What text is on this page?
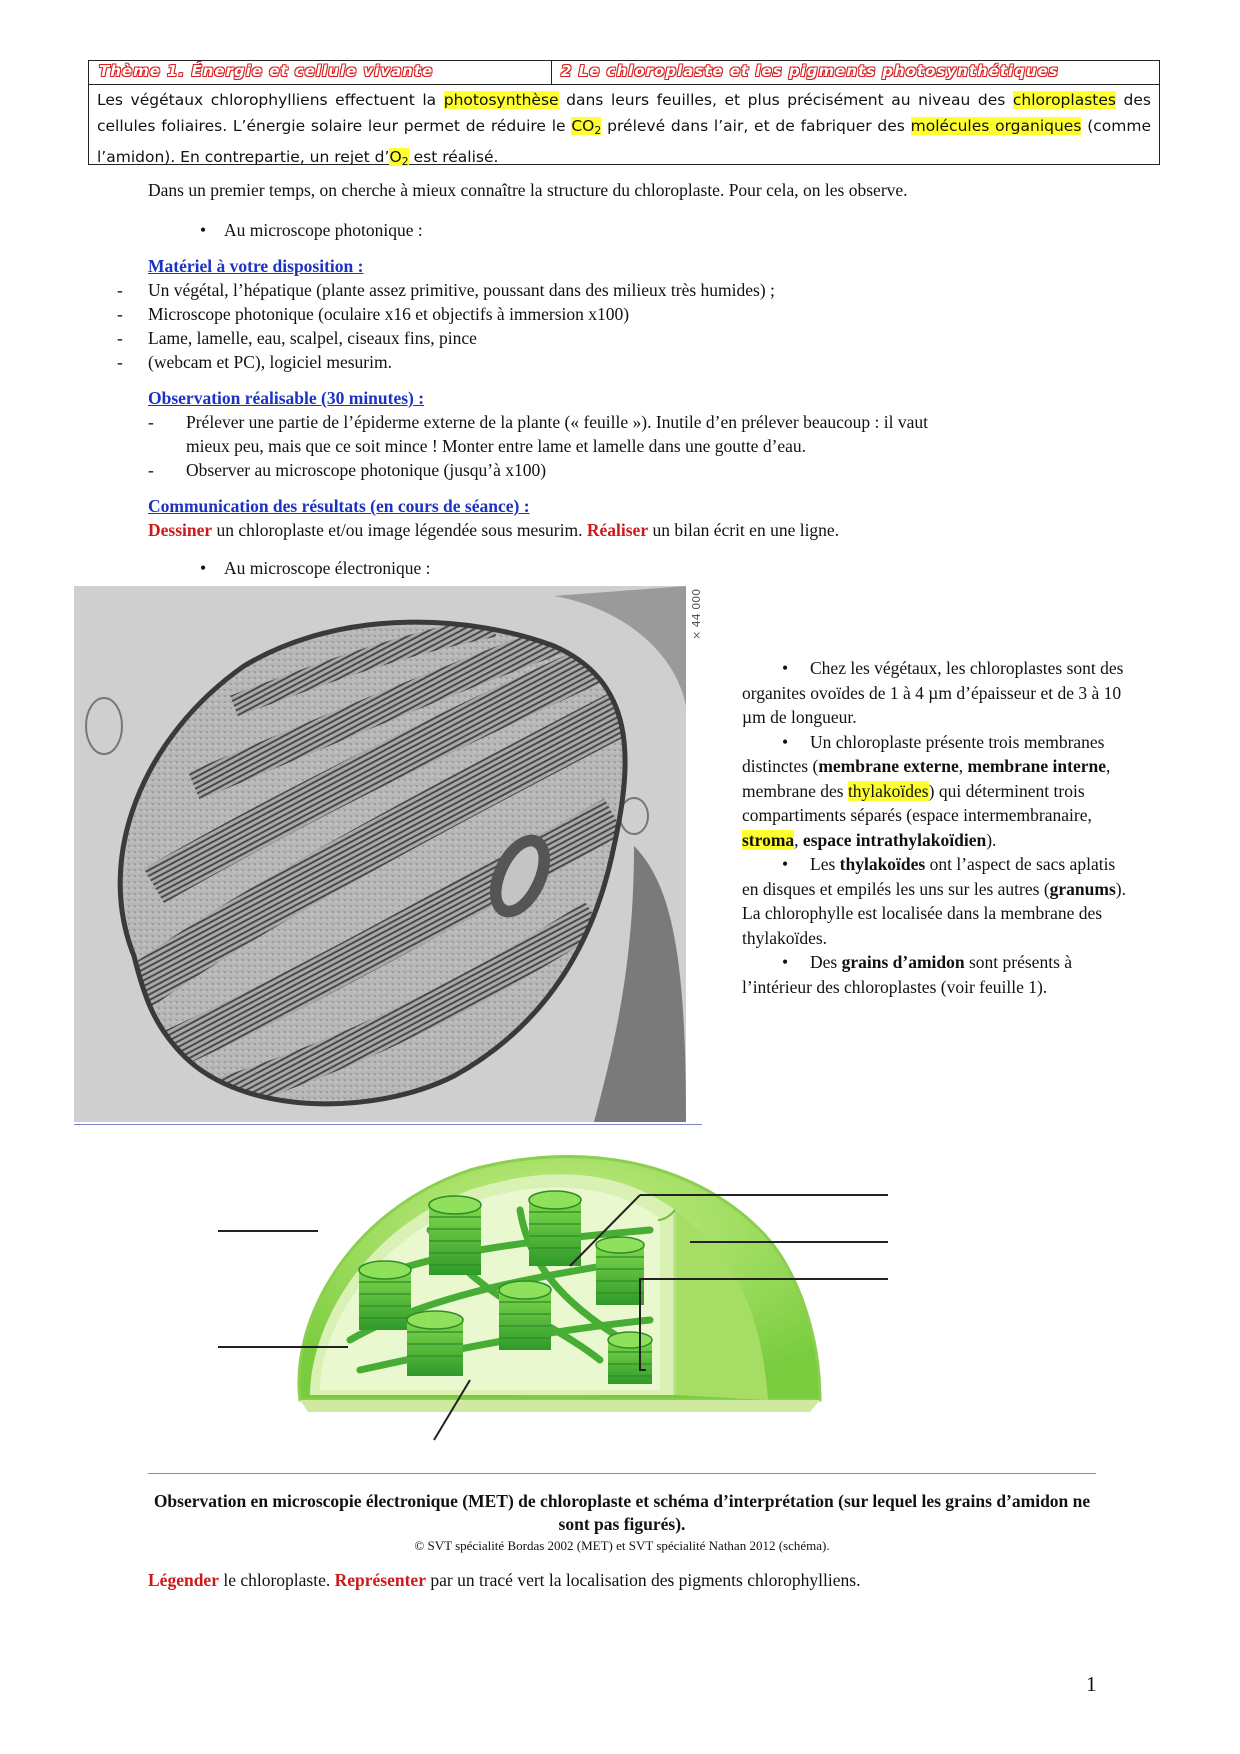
Thème 1. Énergie et cellule vivante	2 Le chloroplaste et les pigments photosynthétiques
Les végétaux chlorophylliens effectuent la photosynthèse dans leurs feuilles, et plus précisément au niveau des chloroplastes des cellules foliaires. L’énergie solaire leur permet de réduire le $CO_2$ prélevé dans l’air, et de fabriquer des molécules organiques (comme l’amidon). En contrepartie, un rejet $d’O_2$ est réalisé.
Dans un premier temps, on cherche à mieux connaître la structure du chloroplaste. Pour cela, on les observe.
• Au microscope photonique :
Matériel à votre disposition :
- Un végétal, l’hépatique (plante assez primitive, poussant dans des milieux très humides) ;
- Microscope photonique (oculaire x16 et objectifs à immersion x100)
- Lame, lamelle, eau, scalpel, ciseaux fins, pince
- (webcam et PC), logiciel mesurim.
Observation réalisable (30 minutes) :
- Prélever une partie de l’épiderme externe de la plante (« feuille »). Inutile d’en prélever beaucoup : il vaut
mieux peu, mais que ce soit mince ! Monter entre lame et lamelle dans une goutte d’eau.
- Observer au microscope photonique (jusqu’à x100)
Communication des résultats (en cours de séance) :
Dessiner un chloroplaste et/ou image légendée sous mesurim. Réaliser un bilan écrit en une ligne.
• Au microscope électronique :
× 44 000

• Chez les végétaux, les chloroplastes sont des organites ovoïdes de 1 à 4 µm d’épaisseur et de 3 à 10 µm de longueur.

• Un chloroplaste présente trois membranes distinctes (membrane externe, membrane interne, membrane des thylakoïdes) qui déterminent trois compartiments séparés (espace intermembranaire, stroma, espace intrathylakoïdien).

• Les thylakoïdes ont l’aspect de sacs aplatis en disques et empilés les uns sur les autres (granums). La chlorophylle est localisée dans la membrane des thylakoïdes.

• Des grains d’amidon sont présents à l’intérieur des chloroplastes (voir feuille 1).

Observation en microscopie électronique (MET) de chloroplaste et schéma d’interprétation (sur lequel les grains d’amidon ne sont pas figurés).
© SVT spécialité Bordas 2002 (MET) et SVT spécialité Nathan 2012 (schéma).
Légender le chloroplaste. Représenter par un tracé vert la localisation des pigments chlorophylliens.
1
